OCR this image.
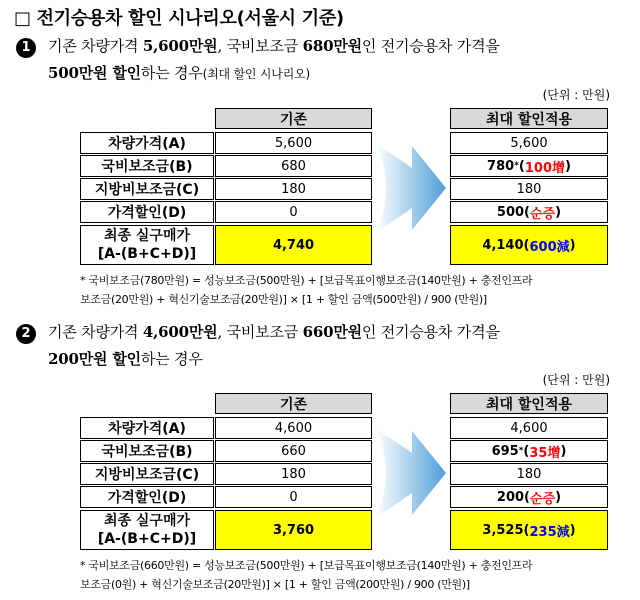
□ 전기승용차 할인 시나리오(서울시 기준)
1	기존 차량가격 5,600만원, 국비보조금 680만원인 전기승용차 가격을
500만원 할인하는 경우(최대 할인 시나리오)
(단위 : 만원)
기존	최대 할인적용
차량가격(A)	5,600	5,600
국비보조금(B)	680	780 * ( 100增 )
지방비보조금(C)	180	180
가격할인(D)	0	500 ( 순증 )
최종 실구매가
[A-(B+C+D)]
4,740	4,140 ( 600減 )
* 국비보조금(780만원) = 성능보조금(500만원) + [보급목표이행보조금(140만원) + 충전인프라
보조금(20만원) + 혁신기술보조금(20만원)] × [1 + 할인 금액(500만원) / 900 (만원)]
2	기존 차량가격 4,600만원, 국비보조금 660만원인 전기승용차 가격을
200만원 할인하는 경우
(단위 : 만원)
기존	최대 할인적용
차량가격(A)	4,600	4,600
국비보조금(B)	660	695 * ( 35增 )
지방비보조금(C)	180	180
가격할인(D)	0	200 ( 순증 )
최종 실구매가
[A-(B+C+D)]
3,760	3,525 ( 235減 )
* 국비보조금(660만원) = 성능보조금(500만원) + [보급목표이행보조금(140만원) + 충전인프라
보조금(0원) + 혁신기술보조금(20만원)] × [1 + 할인 금액(200만원) / 900 (만원)]
